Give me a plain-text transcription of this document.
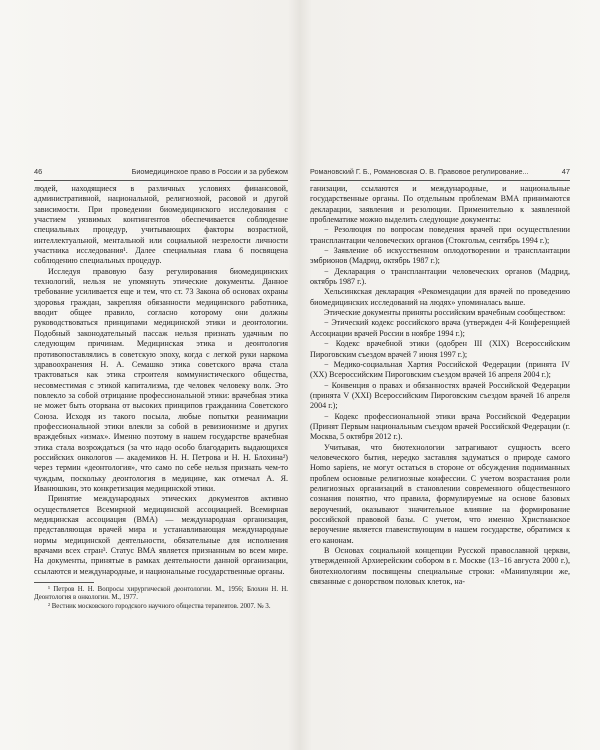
46	Биомедицинское право в России и за рубежом

людей, находящиеся в различных условиях финансовой, административной, национальной, религиозной, расовой и другой зависимости. При проведении биомедицинского исследования с участием уязвимых контингентов обеспечивается соблюдение специальных процедур, учитывающих факторы возрастной, интеллектуальной, ментальной или социальной незрелости личности участника исследования¹. Далее специальная глава 6 посвящена соблюдению специальных процедур.

Исследуя правовую базу регулирования биомедицинских технологий, нельзя не упомянуть этические документы. Данное требование усиливается еще и тем, что ст. 73 Закона об основах охраны здоровья граждан, закрепляя обязанности медицинского работника, вводит общее правило, согласно которому они должны руководствоваться принципами медицинской этики и деонтологии. Подобный законодательный пассаж нельзя признать удачным по следующим причинам. Медицинская этика и деонтология противопоставлялись в советскую эпоху, когда с легкой руки наркома здравоохранения Н. А. Семашко этика советского врача стала трактоваться как этика строителя коммунистического общества, несовместимая с этикой капитализма, где человек человеку волк. Это повлекло за собой отрицание профессиональной этики: врачебная этика не может быть оторвана от высоких принципов гражданина Советского Союза. Исходя из такого посыла, любые попытки реанимации профессиональной этики влекли за собой в ревизионизме и других враждебных «измах». Именно поэтому в нашем государстве врачебная этика стала возрождаться (за что надо особо благодарить выдающихся российских онкологов — академиков Н. Н. Петрова и Н. Н. Блохина²) через термин «деонтология», что само по себе нельзя признать чем-то чуждым, поскольку деонтология в медицине, как отмечал А. Я. Иванюшкин, это конкретизация медицинской этики.

Принятие международных этических документов активно осуществляется Всемирной медицинской ассоциацией. Всемирная медицинская ассоциация (ВМА) — международная организация, представляющая врачей мира и устанавливающая международные нормы медицинской деятельности, обязательные для исполнения врачами всех стран³. Статус ВМА является признанным во всем мире. На документы, принятые в рамках деятельности данной организации, ссылаются и международные, и национальные государственные органы.

¹ Петров Н. Н. Вопросы хирургической деонтологии. М., 1956; Блохин Н. Н. Деонтология в онкологии. М., 1977.

² Вестник московского городского научного общества терапевтов. 2007. № 3.

Романовский Г. Б., Романовская О. В. Правовое регулирование...	47

ганизации, ссылаются и международные, и национальные государственные органы. По отдельным проблемам ВМА принимаются декларации, заявления и резолюции. Применительно к заявленной проблематике можно выделить следующие документы:

− Резолюция по вопросам поведения врачей при осуществлении трансплантации человеческих органов (Стокгольм, сентябрь 1994 г.);

− Заявление об искусственном оплодотворении и трансплантации эмбрионов (Мадрид, октябрь 1987 г.);

− Декларация о трансплантации человеческих органов (Мадрид, октябрь 1987 г.).

Хельсинкская декларация «Рекомендации для врачей по проведению биомедицинских исследований на людях» упоминалась выше.

Этические документы приняты российским врачебным сообществом:

− Этический кодекс российского врача (утвержден 4-й Конференцией Ассоциации врачей России в ноябре 1994 г.);

− Кодекс врачебной этики (одобрен III (XIX) Всероссийским Пироговским съездом врачей 7 июня 1997 г.);

− Медико-социальная Хартия Российской Федерации (принята IV (XX) Всероссийским Пироговским съездом врачей 16 апреля 2004 г.);

− Конвенция о правах и обязанностях врачей Российской Федерации (принята V (XXI) Всероссийским Пироговским съездом врачей 16 апреля 2004 г.);

− Кодекс профессиональной этики врача Российской Федерации (Принят Первым национальным съездом врачей Российской Федерации (г. Москва, 5 октября 2012 г.).

Учитывая, что биотехнологии затрагивают сущность всего человеческого бытия, нередко заставляя задуматься о природе самого Homo sapiens, не могут остаться в стороне от обсуждения подниманных проблем основные религиозные конфессии. С учетом возрастания роли религиозных организаций в становлении современного общественного сознания понятно, что правила, формулируемые на основе базовых вероучений, оказывают значительное влияние на формирование российской правовой базы. С учетом, что именно Христианское вероучение является главенствующим в нашем государстве, обратимся к его канонам.

В Основах социальной концепции Русской православной церкви, утвержденной Архиерейским собором в г. Москве (13−16 августа 2000 г.), биотехнологиям посвящены специальные строки: «Манипуляции же, связанные с донорством половых клеток, на-
